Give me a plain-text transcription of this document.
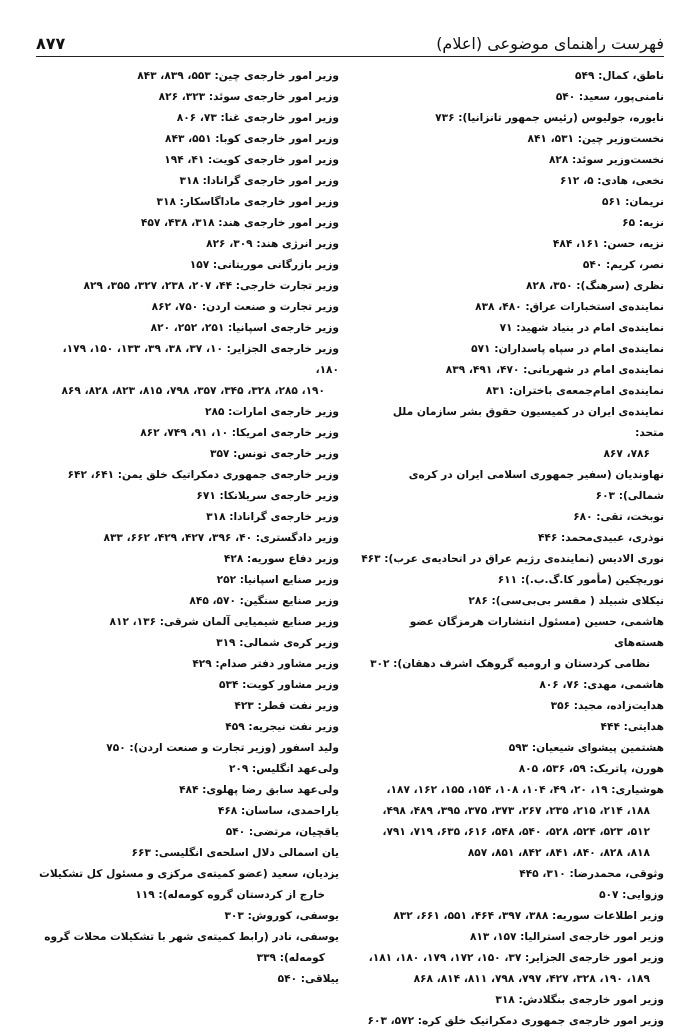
فهرست راهنمای موضوعی (اعلام)
۸۷۷
ناطق، کمال: ۵۴۹
نامنی‌پور، سعید: ۵۴۰
نایوره، جولیوس (رئیس جمهور تانزانیا): ۷۳۶
نخست‌وزیر چین: ۵۳۱، ۸۴۱
نخست‌وزیر سوئد: ۸۲۸
نخعی، هادی: ۵، ۶۱۲
نریمان: ۵۶۱
نزیه: ۶۵
نزیه، حسن: ۱۶۱، ۴۸۴
نصر، کریم: ۵۴۰
نظری (سرهنگ): ۳۵۰، ۸۲۸
نماینده‌ی استخبارات عراق: ۴۸۰، ۸۳۸
نماینده‌ی امام در بنیاد شهید: ۷۱
نماینده‌ی امام در سپاه پاسداران: ۵۷۱
نماینده‌ی امام در شهربانی: ۴۷۰، ۴۹۱، ۸۳۹
نماینده‌ی امام‌جمعه‌ی باختران: ۸۳۱
نماینده‌ی ایران در کمیسیون حقوق بشر سازمان ملل متحد:
۷۸۶، ۸۶۷
نهاوندیان (سفیر جمهوری اسلامی ایران در کره‌ی شمالی): ۶۰۳
نوبخت، تقی: ۶۸۰
نوذری، عبیدی‌محمد: ۴۴۶
نوری الادیس (نماینده‌ی رژیم عراق در اتحادیه‌ی عرب): ۴۶۳
نوریچکین (مأمور کا.گ.ب.): ۶۱۱
نیکلای شبیلد ( مفسر بی‌بی‌سی): ۲۸۶
هاشمی، حسین (مسئول انتشارات هرمزگان عضو هسته‌های
نظامی کردستان و ارومیه گروهک اشرف دهقان): ۳۰۲
هاشمی، مهدی: ۷۶، ۸۰۶
هدایت‌زاده، مجید: ۳۵۶
هدایتی: ۴۴۴
هشتمین پیشوای شیعیان: ۵۹۳
هورن، پاتریک: ۵۹، ۵۳۶، ۸۰۵
هوشیاری: ۱۹، ۲۰، ۴۹، ۱۰۴، ۱۰۸، ۱۵۴، ۱۵۵، ۱۶۲، ۱۸۷،
۱۸۸، ۲۱۴، ۲۱۵، ۲۳۵، ۲۶۷، ۳۷۳، ۳۷۵، ۳۹۵، ۴۸۹، ۴۹۸،
۵۱۲، ۵۲۳، ۵۲۴، ۵۲۸، ۵۴۰، ۵۴۸، ۶۱۶، ۶۳۵، ۷۱۹، ۷۹۱،
۸۱۸، ۸۲۸، ۸۴۰، ۸۴۱، ۸۴۲، ۸۵۱، ۸۵۷
وثوقی، محمدرضا: ۳۱۰، ۴۴۵
وزوایی: ۵۰۷
وزیر اطلاعات سوریه: ۳۸۸، ۳۹۷، ۴۶۴، ۵۵۱، ۶۶۱، ۸۳۲
وزیر امور خارجه‌ی استرالیا: ۱۵۷، ۸۱۳
وزیر امور خارجه‌ی الجزایر: ۳۷، ۱۵۰، ۱۷۲، ۱۷۹، ۱۸۰، ۱۸۱،
۱۸۹، ۱۹۰، ۳۲۸، ۴۲۷، ۷۹۷، ۷۹۸، ۸۱۱، ۸۱۴، ۸۶۸
وزیر امور خارجه‌ی بنگلادش: ۳۱۸
وزیر امور خارجه‌ی جمهوری دمکراتیک خلق کره: ۵۷۲، ۶۰۳
وزیر امور خارجه‌ی چین: ۵۵۳، ۸۳۹، ۸۴۳
وزیر امور خارجه‌ی سوئد: ۳۲۳، ۸۲۶
وزیر امور خارجه‌ی غنا: ۷۳، ۸۰۶
وزیر امور خارجه‌ی کوبا: ۵۵۱، ۸۴۳
وزیر امور خارجه‌ی کویت: ۴۱، ۱۹۴
وزیر امور خارجه‌ی گرانادا: ۳۱۸
وزیر امور خارجه‌ی ماداگاسکار: ۳۱۸
وزیر امور خارجه‌ی هند: ۳۱۸، ۴۳۸، ۴۵۷
وزیر انرژی هند: ۳۰۹، ۸۲۶
وزیر بازرگانی موریتانی: ۱۵۷
وزیر تجارت خارجی: ۴۴، ۲۰۷، ۲۳۸، ۳۲۷، ۳۵۵، ۸۲۹
وزیر تجارت و صنعت اردن: ۷۵۰، ۸۶۲
وزیر خارجه‌ی اسپانیا: ۲۵۱، ۲۵۲، ۸۲۰
وزیر خارجه‌ی الجزایر: ۱۰، ۳۷، ۳۸، ۳۹، ۱۳۳، ۱۵۰، ۱۷۹، ۱۸۰،
۱۹۰، ۲۸۵، ۳۲۸، ۳۴۵، ۳۵۷، ۷۹۸، ۸۱۵، ۸۲۳، ۸۲۸، ۸۶۹
وزیر خارجه‌ی امارات: ۲۸۵
وزیر خارجه‌ی امریکا: ۱۰، ۹۱، ۷۴۹، ۸۶۲
وزیر خارجه‌ی تونس: ۳۵۷
وزیر خارجه‌ی جمهوری دمکراتیک خلق یمن: ۶۴۱، ۶۴۲
وزیر خارجه‌ی سریلانکا: ۶۷۱
وزیر خارجه‌ی گرانادا: ۳۱۸
وزیر دادگستری: ۴۰، ۳۹۶، ۴۲۷، ۴۲۹، ۶۶۲، ۸۳۳
وزیر دفاع سوریه: ۴۲۸
وزیر صنایع اسپانیا: ۲۵۲
وزیر صنایع سنگین: ۵۷۰، ۸۴۵
وزیر صنایع شیمیایی آلمان شرقی: ۱۳۶، ۸۱۲
وزیر کره‌ی شمالی: ۳۱۹
وزیر مشاور دفتر صدام: ۴۲۹
وزیر مشاور کویت: ۵۳۴
وزیر نفت قطر: ۴۲۳
وزیر نفت نیجریه: ۴۵۹
ولید اسفور (وزیر تجارت و صنعت اردن): ۷۵۰
ولی‌عهد انگلیس: ۲۰۹
ولی‌عهد سابق رضا پهلوی: ۴۸۴
یاراحمدی، ساسان: ۴۶۸
یاقچیان، مرتضی: ۵۴۰
یان اسمالی دلال اسلحه‌ی انگلیسی: ۶۶۳
یزدیان، سعید (عضو کمیته‌ی مرکزی و مسئول کل تشکیلات
خارج از کردستان گروه کومه‌له): ۱۱۹
یوسفی، کوروش: ۳۰۳
یوسفی، نادر (رابط کمیته‌ی شهر با تشکیلات محلات گروه
کومه‌له): ۳۳۹
ییلاقی: ۵۴۰
